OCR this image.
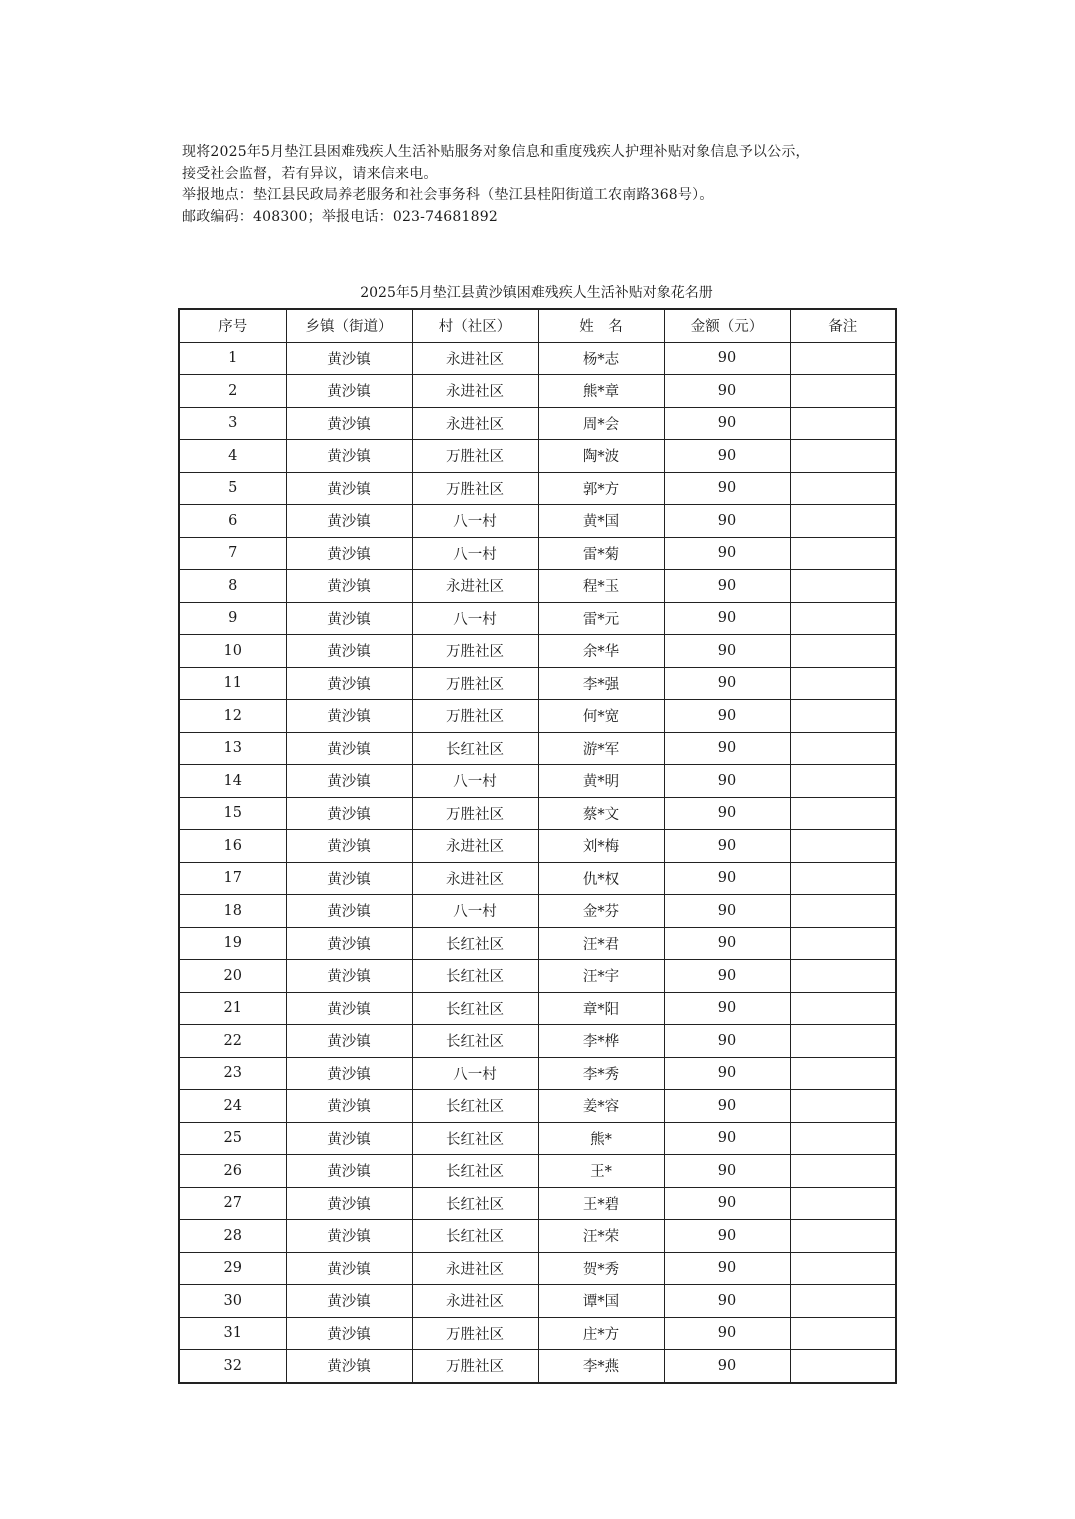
现将2025年5月垫江县困难残疾人生活补贴服务对象信息和重度残疾人护理补贴对象信息予以公示，

接受社会监督，若有异议，请来信来电。

举报地点：垫江县民政局养老服务和社会事务科（垫江县桂阳街道工农南路368号）。

邮政编码：408300；举报电话：023-74681892

2025年5月垫江县黄沙镇困难残疾人生活补贴对象花名册
序号	乡镇（街道）	村（社区）	姓　名	金额（元）	备注
1	黄沙镇	永进社区	杨*志	90	
2	黄沙镇	永进社区	熊*章	90	
3	黄沙镇	永进社区	周*会	90	
4	黄沙镇	万胜社区	陶*波	90	
5	黄沙镇	万胜社区	郭*方	90	
6	黄沙镇	八一村	黄*国	90	
7	黄沙镇	八一村	雷*菊	90	
8	黄沙镇	永进社区	程*玉	90	
9	黄沙镇	八一村	雷*元	90	
10	黄沙镇	万胜社区	余*华	90	
11	黄沙镇	万胜社区	李*强	90	
12	黄沙镇	万胜社区	何*宽	90	
13	黄沙镇	长红社区	游*军	90	
14	黄沙镇	八一村	黄*明	90	
15	黄沙镇	万胜社区	蔡*文	90	
16	黄沙镇	永进社区	刘*梅	90	
17	黄沙镇	永进社区	仇*权	90	
18	黄沙镇	八一村	金*芬	90	
19	黄沙镇	长红社区	汪*君	90	
20	黄沙镇	长红社区	汪*宇	90	
21	黄沙镇	长红社区	章*阳	90	
22	黄沙镇	长红社区	李*桦	90	
23	黄沙镇	八一村	李*秀	90	
24	黄沙镇	长红社区	姜*容	90	
25	黄沙镇	长红社区	熊*	90	
26	黄沙镇	长红社区	王*	90	
27	黄沙镇	长红社区	王*碧	90	
28	黄沙镇	长红社区	汪*荣	90	
29	黄沙镇	永进社区	贺*秀	90	
30	黄沙镇	永进社区	谭*国	90	
31	黄沙镇	万胜社区	庄*方	90	
32	黄沙镇	万胜社区	李*燕	90	
